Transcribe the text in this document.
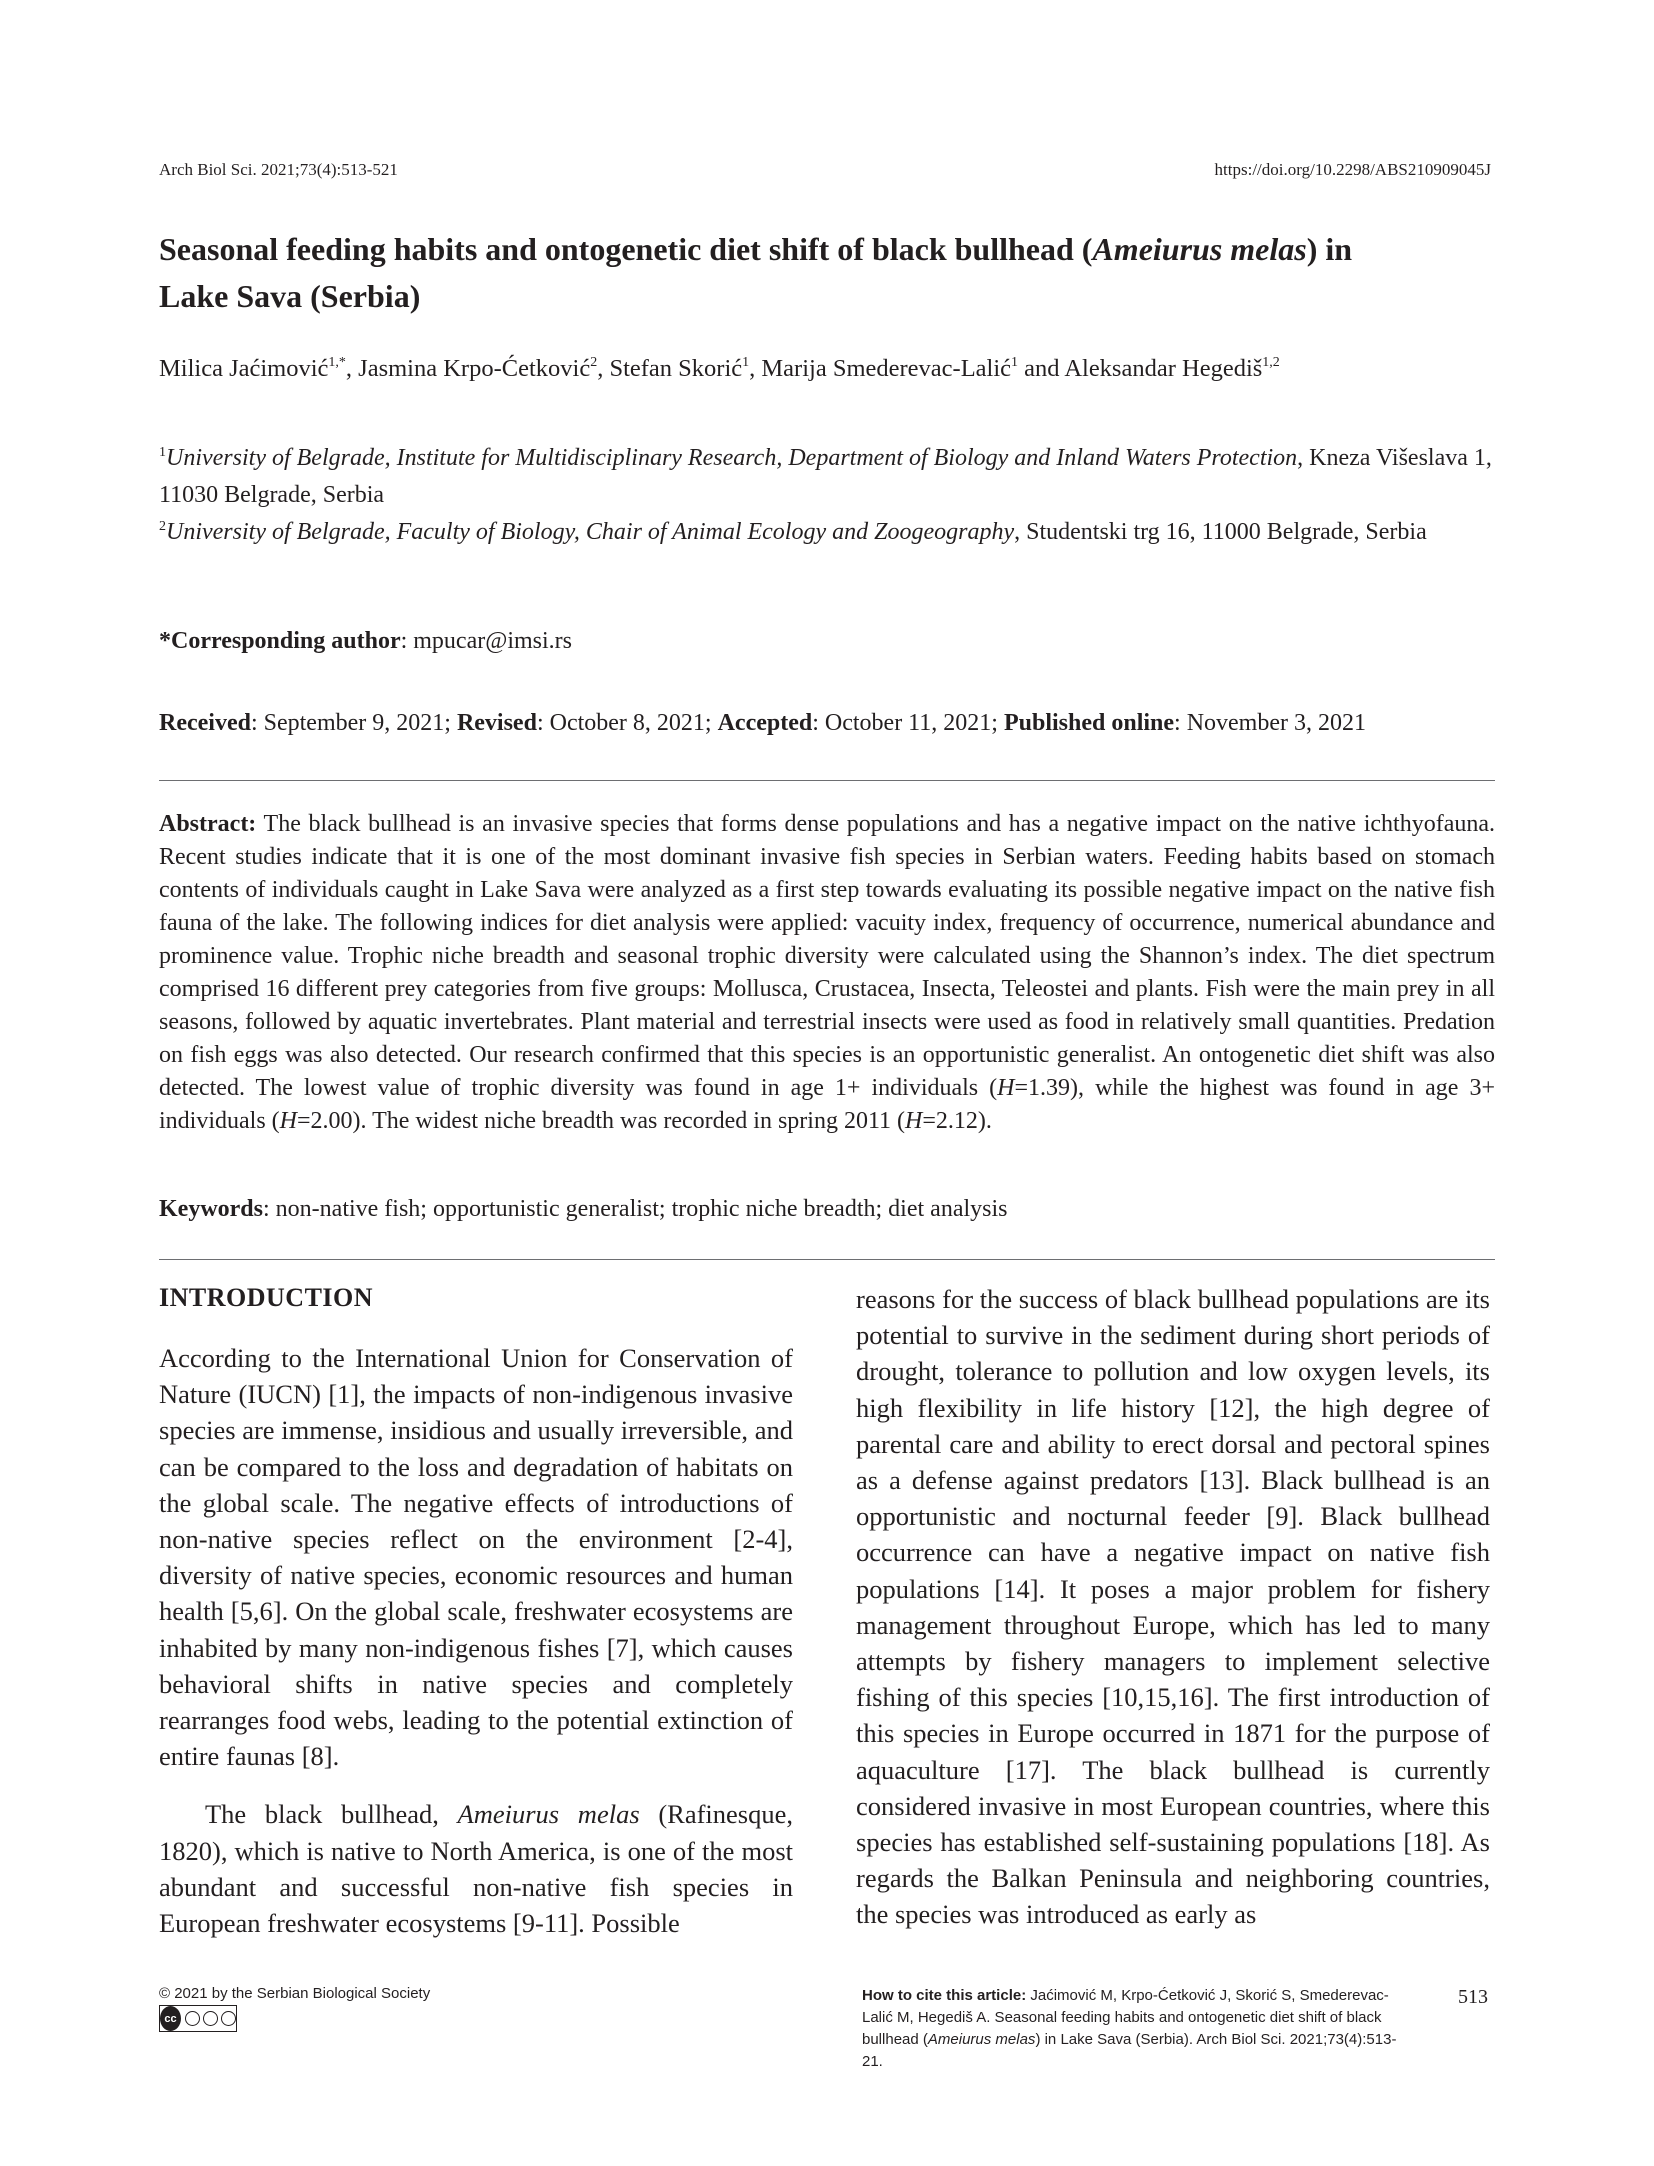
Arch Biol Sci. 2021;73(4):513-521	https://doi.org/10.2298/ABS210909045J
Seasonal feeding habits and ontogenetic diet shift of black bullhead (Ameiurus melas) in
Lake Sava (Serbia)
Milica Jaćimović$^{1,*}$, Jasmina Krpo-Ćetković$^2$, Stefan Skorić$^1$, Marija Smederevac-Lalić$^1$ and Aleksandar Hegediš$^{1,2}$
$^1$University of Belgrade, Institute for Multidisciplinary Research, Department of Biology and Inland Waters Protection, Kneza Višeslava 1, 11030 Belgrade, Serbia
$^2$University of Belgrade, Faculty of Biology, Chair of Animal Ecology and Zoogeography, Studentski trg 16, 11000 Belgrade, Serbia
*Corresponding author: mpucar@imsi.rs
Received: September 9, 2021; Revised: October 8, 2021; Accepted: October 11, 2021; Published online: November 3, 2021
Abstract: The black bullhead is an invasive species that forms dense populations and has a negative impact on the native ichthyofauna. Recent studies indicate that it is one of the most dominant invasive fish species in Serbian waters. Feeding habits based on stomach contents of individuals caught in Lake Sava were analyzed as a first step towards evaluating its possible negative impact on the native fish fauna of the lake. The following indices for diet analysis were applied: vacuity index, frequency of occurrence, numerical abundance and prominence value. Trophic niche breadth and seasonal trophic diversity were calculated using the Shannon’s index. The diet spectrum comprised 16 different prey categories from five groups: Mollusca, Crustacea, Insecta, Teleostei and plants. Fish were the main prey in all seasons, followed by aquatic invertebrates. Plant material and terrestrial insects were used as food in relatively small quantities. Predation on fish eggs was also detected. Our research confirmed that this species is an opportunistic generalist. An ontogenetic diet shift was also detected. The lowest value of trophic diversity was found in age 1+ individuals (H=1.39), while the highest was found in age 3+ individuals (H=2.00). The widest niche breadth was recorded in spring 2011 (H=2.12).
Keywords: non-native fish; opportunistic generalist; trophic niche breadth; diet analysis
INTRODUCTION

According to the International Union for Conservation of Nature (IUCN) [1], the impacts of non-indigenous invasive species are immense, insidious and usually irreversible, and can be compared to the loss and degradation of habitats on the global scale. The negative effects of introductions of non-native species reflect on the environment [2-4], diversity of native species, economic resources and human health [5,6]. On the global scale, freshwater ecosystems are inhabited by many non-indigenous fishes [7], which causes behavioral shifts in native species and completely rearranges food webs, leading to the potential extinction of entire faunas [8].

The black bullhead, Ameiurus melas (Rafinesque, 1820), which is native to North America, is one of the most abundant and successful non-native fish species in European freshwater ecosystems [9-11]. Possible

reasons for the success of black bullhead populations are its potential to survive in the sediment during short periods of drought, tolerance to pollution and low oxygen levels, its high flexibility in life history [12], the high degree of parental care and ability to erect dorsal and pectoral spines as a defense against predators [13]. Black bullhead is an opportunistic and nocturnal feeder [9]. Black bullhead occurrence can have a negative impact on native fish populations [14]. It poses a major problem for fishery management throughout Europe, which has led to many attempts by fishery managers to implement selective fishing of this species [10,15,16]. The first introduction of this species in Europe occurred in 1871 for the purpose of aquaculture [17]. The black bullhead is currently considered invasive in most European countries, where this species has established self-sustaining populations [18]. As regards the Balkan Peninsula and neighboring countries, the species was introduced as early as

© 2021 by the Serbian Biological Society
cc
How to cite this article: Jaćimović M, Krpo-Ćetković J, Skorić S, Smederevac-Lalić M, Hegediš A. Seasonal feeding habits and ontogenetic diet shift of black bullhead (Ameiurus melas) in Lake Sava (Serbia). Arch Biol Sci. 2021;73(4):513-21.
513
